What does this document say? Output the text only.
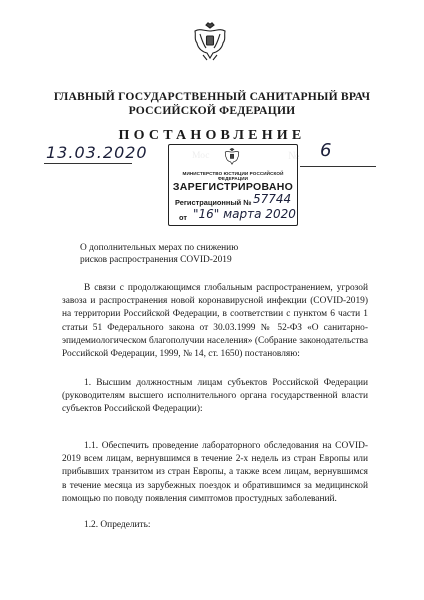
ГЛАВНЫЙ ГОСУДАРСТВЕННЫЙ САНИТАРНЫЙ ВРАЧ
РОССИЙСКОЙ ФЕДЕРАЦИИ
ПОСТАНОВЛЕНИЕ
13.03.2020	6
МИНИСТЕРСТВО ЮСТИЦИИ РОССИЙСКОЙ ФЕДЕРАЦИИ
ЗАРЕГИСТРИРОВАНО
Регистрационный № 57744
от "16" марта 2020
О дополнительных мерах по снижению
рисков распространения COVID-2019
В связи с продолжающимся глобальным распространением, угрозой завоза и распространения новой коронавирусной инфекции (COVID-2019) на территории Российской Федерации, в соответствии с пунктом 6 части 1 статьи 51 Федерального закона от 30.03.1999 № 52-ФЗ «О санитарно-эпидемиологическом благополучии населения» (Собрание законодательства Российской Федерации, 1999, № 14, ст. 1650) постановляю:
1. Высшим должностным лицам субъектов Российской Федерации (руководителям высшего исполнительного органа государственной власти субъектов Российской Федерации):
1.1. Обеспечить проведение лабораторного обследования на COVID-2019 всем лицам, вернувшимся в течение 2-х недель из стран Европы или прибывших транзитом из стран Европы, а также всем лицам, вернувшимся в течение месяца из зарубежных поездок и обратившимся за медицинской помощью по поводу появления симптомов простудных заболеваний.
1.2. Определить:
